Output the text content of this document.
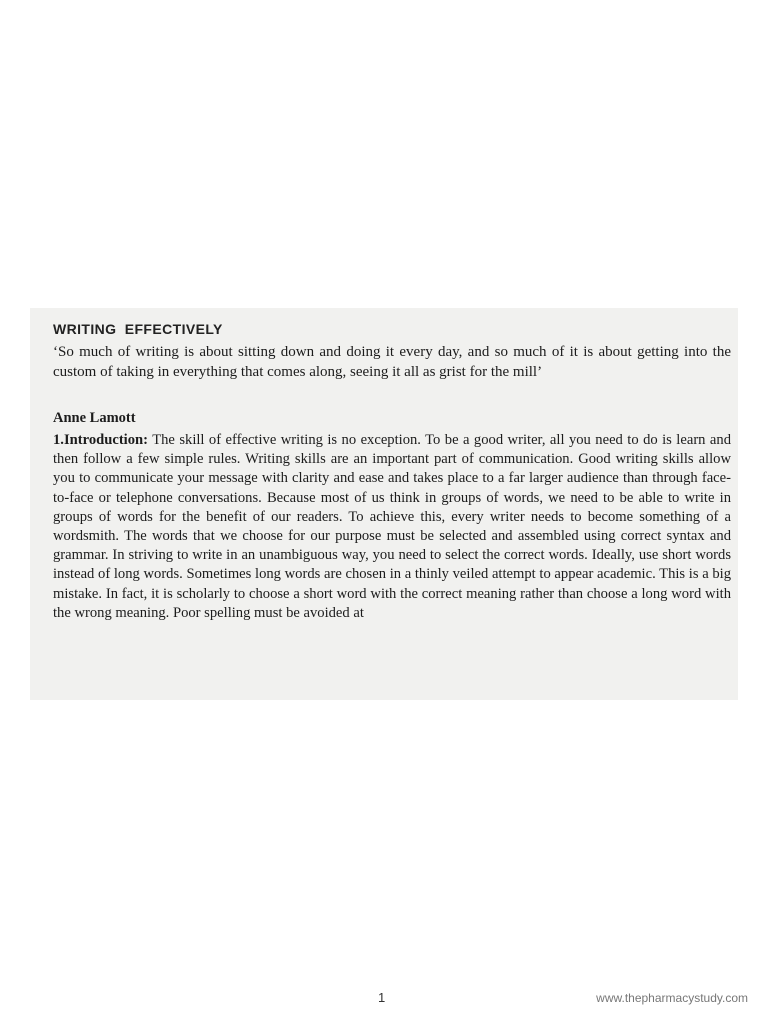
WRITING EFFECTIVELY

‘So much of writing is about sitting down and doing it every day, and so much of it is about getting into the custom of taking in everything that comes along, seeing it all as grist for the mill’

Anne Lamott

1.Introduction: The skill of effective writing is no exception. To be a good writer, all you need to do is learn and then follow a few simple rules. Writing skills are an important part of communication. Good writing skills allow you to communicate your message with clarity and ease and takes place to a far larger audience than through face-to-face or telephone conversations. Because most of us think in groups of words, we need to be able to write in groups of words for the benefit of our readers. To achieve this, every writer needs to become something of a wordsmith. The words that we choose for our purpose must be selected and assembled using correct syntax and grammar. In striving to write in an unambiguous way, you need to select the correct words. Ideally, use short words instead of long words. Sometimes long words are chosen in a thinly veiled attempt to appear academic. This is a big mistake. In fact, it is scholarly to choose a short word with the correct meaning rather than choose a long word with the wrong meaning. Poor spelling must be avoided at

1	www.thepharmacystudy.com
